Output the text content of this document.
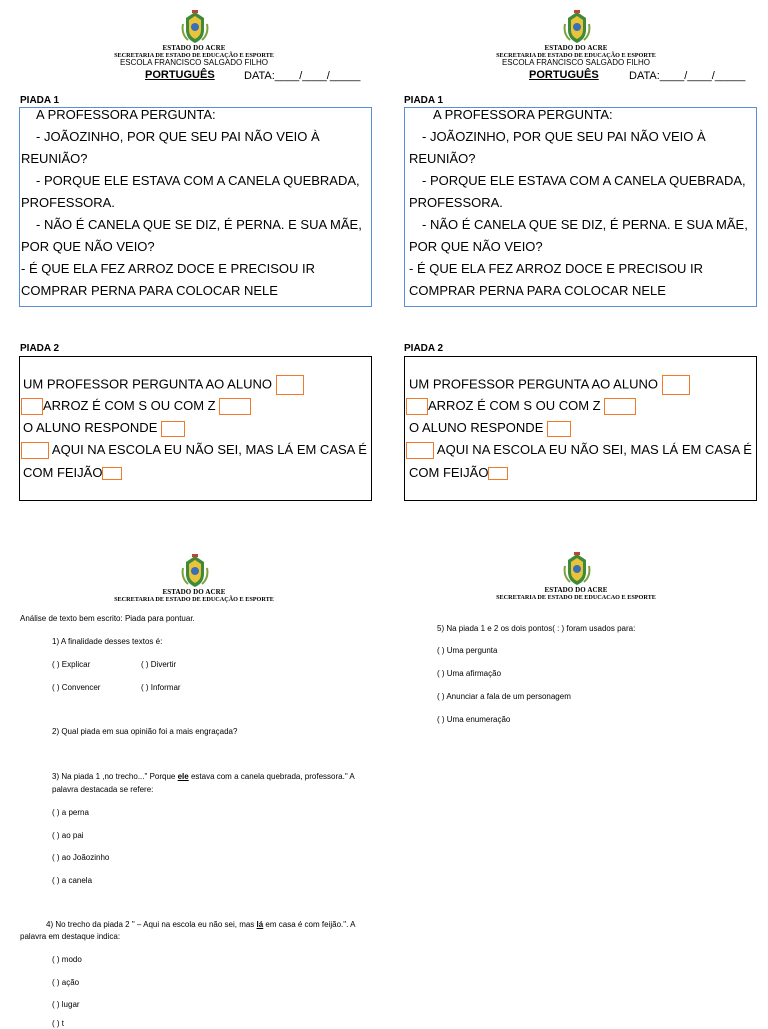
ESTADO DO ACRE
SECRETARIA DE ESTADO DE EDUCAÇÃO E ESPORTE
ESCOLA FRANCISCO SALGADO FILHO
PORTUGUÊS	DATA:____/____/_____
PIADA 1
A PROFESSORA PERGUNTA:
- JOÃOZINHO, POR QUE SEU PAI NÃO VEIO À
REUNIÃO?
- PORQUE ELE ESTAVA COM A CANELA QUEBRADA,
PROFESSORA.
- NÃO É CANELA QUE SE DIZ, É PERNA. E SUA MÃE,
POR QUE NÃO VEIO?
- É QUE ELA FEZ ARROZ DOCE E PRECISOU IR
COMPRAR PERNA PARA COLOCAR NELE
PIADA 2
UM PROFESSOR PERGUNTA AO ALUNO
ARROZ É COM S OU COM Z
O ALUNO RESPONDE
AQUI NA ESCOLA EU NÃO SEI, MAS LÁ EM CASA É
COM FEIJÃO
ESTADO DO ACRE
SECRETARIA DE ESTADO DE EDUCAÇÃO E ESPORTE
ESCOLA FRANCISCO SALGADO FILHO
PORTUGUÊS	DATA:____/____/_____
PIADA 1
A PROFESSORA PERGUNTA:
- JOÃOZINHO, POR QUE SEU PAI NÃO VEIO À
REUNIÃO?
- PORQUE ELE ESTAVA COM A CANELA QUEBRADA,
PROFESSORA.
- NÃO É CANELA QUE SE DIZ, É PERNA. E SUA MÃE,
POR QUE NÃO VEIO?
- É QUE ELA FEZ ARROZ DOCE E PRECISOU IR
COMPRAR PERNA PARA COLOCAR NELE
PIADA 2
UM PROFESSOR PERGUNTA AO ALUNO
ARROZ É COM S OU COM Z
O ALUNO RESPONDE
AQUI NA ESCOLA EU NÃO SEI, MAS LÁ EM CASA É
COM FEIJÃO
ESTADO DO ACRE
SECRETARIA DE ESTADO DE EDUCAÇÃO E ESPORTE
Análise de texto bem escrito: Piada para pontuar.
1) A finalidade desses textos é:
( ) Explicar	( ) Divertir
( ) Convencer	( ) Informar
2) Qual piada em sua opinião foi a mais engraçada?
3) Na piada 1 ,no trecho..." Porque ele estava com a canela quebrada, professora." A
palavra destacada se refere:
( ) a perna
( ) ao pai
( ) ao Joãozinho
( ) a canela
4) No trecho da piada 2 " – Aqui na escola eu não sei, mas lá em casa é com feijão.". A
palavra em destaque indica:
( ) modo
( ) ação
( ) lugar
( ) t
ESTADO DO ACRE
SECRETARIA DE ESTADO DE EDUCAÇÃO E ESPORTE
5) Na piada 1 e 2 os dois pontos( : ) foram usados para:
( ) Uma pergunta
( ) Uma afirmação
( ) Anunciar a fala de um personagem
( ) Uma enumeração
